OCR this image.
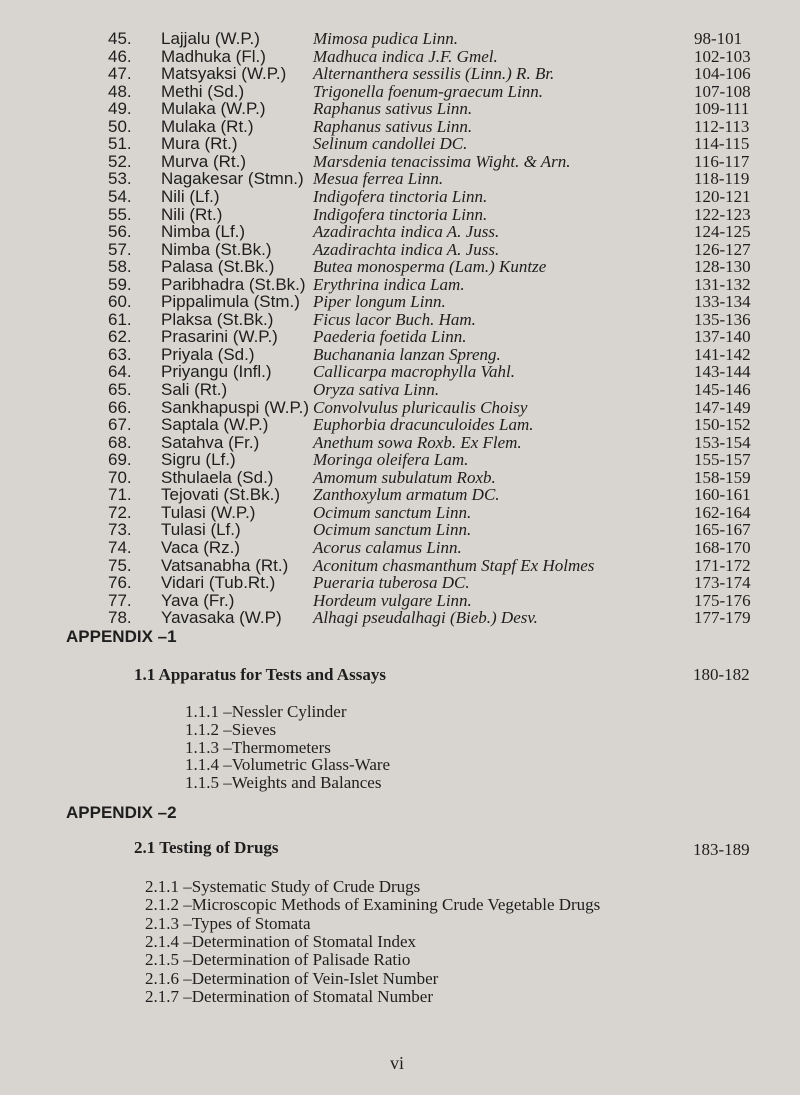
45. Lajjalu (W.P.)	Mimosa pudica Linn.	98-101
46. Madhuka (Fl.)	Madhuca indica J.F. Gmel.	102-103
47. Matsyaksi (W.P.) Alternanthera sessilis (Linn.) R. Br.	104-106
48. Methi (Sd.)	Trigonella foenum-graecum Linn.	107-108
49. Mulaka (W.P.)	Raphanus sativus Linn.	109-111
50. Mulaka (Rt.)	Raphanus sativus Linn.	112-113
51. Mura (Rt.)	Selinum candollei DC.	114-115
52. Murva (Rt.)	Marsdenia tenacissima Wight. & Arn.	116-117
53. Nagakesar (Stmn.) Mesua ferrea Linn.	118-119
54. Nili (Lf.)	Indigofera tinctoria Linn.	120-121
55. Nili (Rt.)	Indigofera tinctoria Linn.	122-123
56. Nimba (Lf.)	Azadirachta indica A. Juss.	124-125
57. Nimba (St.Bk.) Azadirachta indica A. Juss.	126-127
58. Palasa (St.Bk.) Butea monosperma (Lam.) Kuntze	128-130
59. Paribhadra (St.Bk.) Erythrina indica Lam.	131-132
60. Pippalimula (Stm.) Piper longum Linn.	133-134
61. Plaksa (St.Bk.) Ficus lacor Buch. Ham.	135-136
62. Prasarini (W.P.) Paederia foetida Linn.	137-140
63. Priyala (Sd.)	Buchanania lanzan Spreng.	141-142
64. Priyangu (Infl.) Callicarpa macrophylla Vahl.	143-144
65. Sali (Rt.)	Oryza sativa Linn.	145-146
66. Sankhapuspi (W.P.) Convolvulus pluricaulis Choisy	147-149
67. Saptala (W.P.)	Euphorbia dracunculoides Lam.	150-152
68. Satahva (Fr.)	Anethum sowa Roxb. Ex Flem.	153-154
69. Sigru (Lf.)	Moringa oleifera Lam.	155-157
70. Sthulaela (Sd.) Amomum subulatum Roxb.	158-159
71. Tejovati (St.Bk.) Zanthoxylum armatum DC.	160-161
72. Tulasi (W.P.)	Ocimum sanctum Linn.	162-164
73. Tulasi (Lf.)	Ocimum sanctum Linn.	165-167
74. Vaca (Rz.)	Acorus calamus Linn.	168-170
75. Vatsanabha (Rt.) Aconitum chasmanthum Stapf Ex Holmes	171-172
76. Vidari (Tub.Rt.) Pueraria tuberosa DC.	173-174
77. Yava (Fr.)	Hordeum vulgare Linn.	175-176
78. Yavasaka (W.P) Alhagi pseudalhagi (Bieb.) Desv.	177-179
APPENDIX –1
1.1 Apparatus for Tests and Assays	180-182
1.1.1 –Nessler Cylinder
1.1.2 –Sieves
1.1.3 –Thermometers
1.1.4 –Volumetric Glass-Ware
1.1.5 –Weights and Balances
APPENDIX –2
2.1 Testing of Drugs	183-189
2.1.1 –Systematic Study of Crude Drugs
2.1.2 –Microscopic Methods of Examining Crude Vegetable Drugs
2.1.3 –Types of Stomata
2.1.4 –Determination of Stomatal Index
2.1.5 –Determination of Palisade Ratio
2.1.6 –Determination of Vein-Islet Number
2.1.7 –Determination of Stomatal Number
vi
